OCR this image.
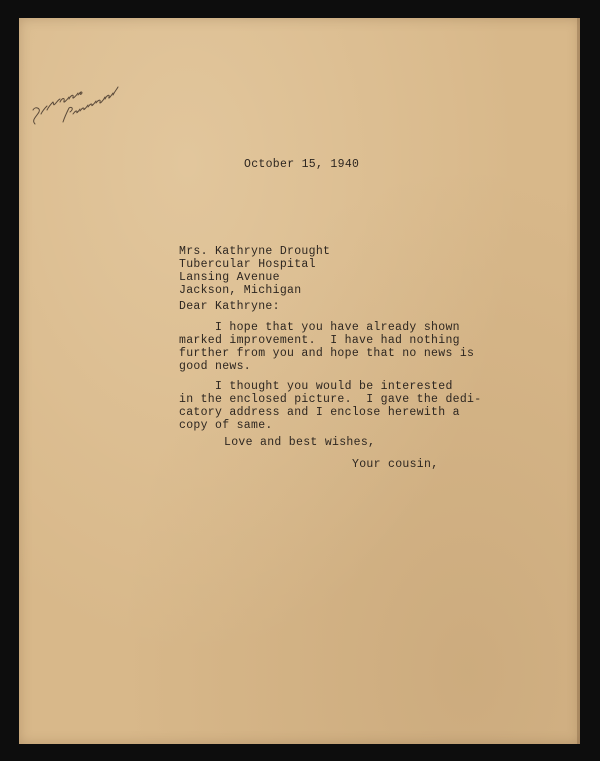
October 15, 1940
Mrs. Kathryne Drought
Tubercular Hospital
Lansing Avenue
Jackson, Michigan
Dear Kathryne:
I hope that you have already shown
marked improvement.  I have had nothing
further from you and hope that no news is
good news.
I thought you would be interested
in the enclosed picture.  I gave the dedi-
catory address and I enclose herewith a
copy of same.
Love and best wishes,
Your cousin,
